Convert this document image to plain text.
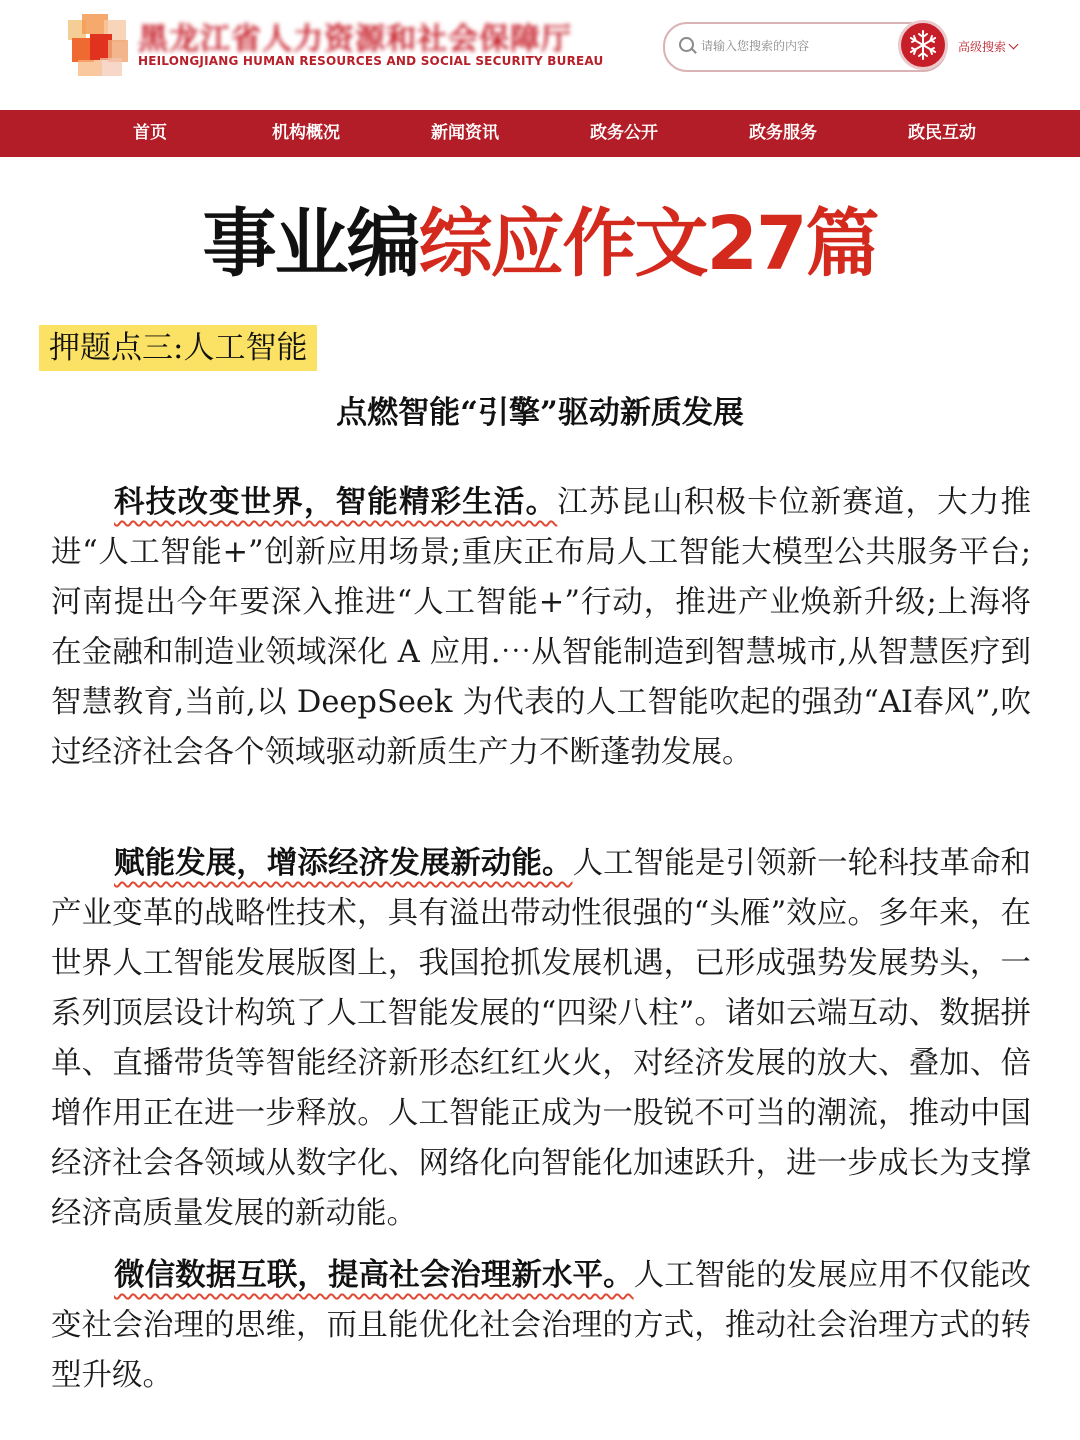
黑龙江省人力资源和社会保障厅
HEILONGJIANG HUMAN RESOURCES AND SOCIAL SECURITY BUREAU
请输入您搜索的内容
高级搜索
首页	机构概况	新闻资讯	政务公开	政务服务	政民互动
事业编综应作文27篇
押题点三:人工智能
点燃智能“引擎”驱动新质发展

科技改变世界，智能精彩生活。江苏昆山积极卡位新赛道，大力推进“人工智能+”创新应用场景;重庆正布局人工智能大模型公共服务平台;河南提出今年要深入推进“人工智能+”行动，推进产业焕新升级;上海将在金融和制造业领域深化 A 应用.⋯从智能制造到智慧城市,从智慧医疗到智慧教育,当前,以 DeepSeek 为代表的人工智能吹起的强劲“AI春风”,吹过经济社会各个领域驱动新质生产力不断蓬勃发展。

赋能发展，增添经济发展新动能。人工智能是引领新一轮科技革命和产业变革的战略性技术，具有溢出带动性很强的“头雁”效应。多年来，在世界人工智能发展版图上，我国抢抓发展机遇，已形成强势发展势头，一系列顶层设计构筑了人工智能发展的“四梁八柱”。诸如云端互动、数据拼单、直播带货等智能经济新形态红红火火，对经济发展的放大、叠加、倍增作用正在进一步释放。人工智能正成为一股锐不可当的潮流，推动中国经济社会各领域从数字化、网络化向智能化加速跃升，进一步成长为支撑经济高质量发展的新动能。

微信数据互联，提高社会治理新水平。人工智能的发展应用不仅能改变社会治理的思维，而且能优化社会治理的方式，推动社会治理方式的转型升级。
